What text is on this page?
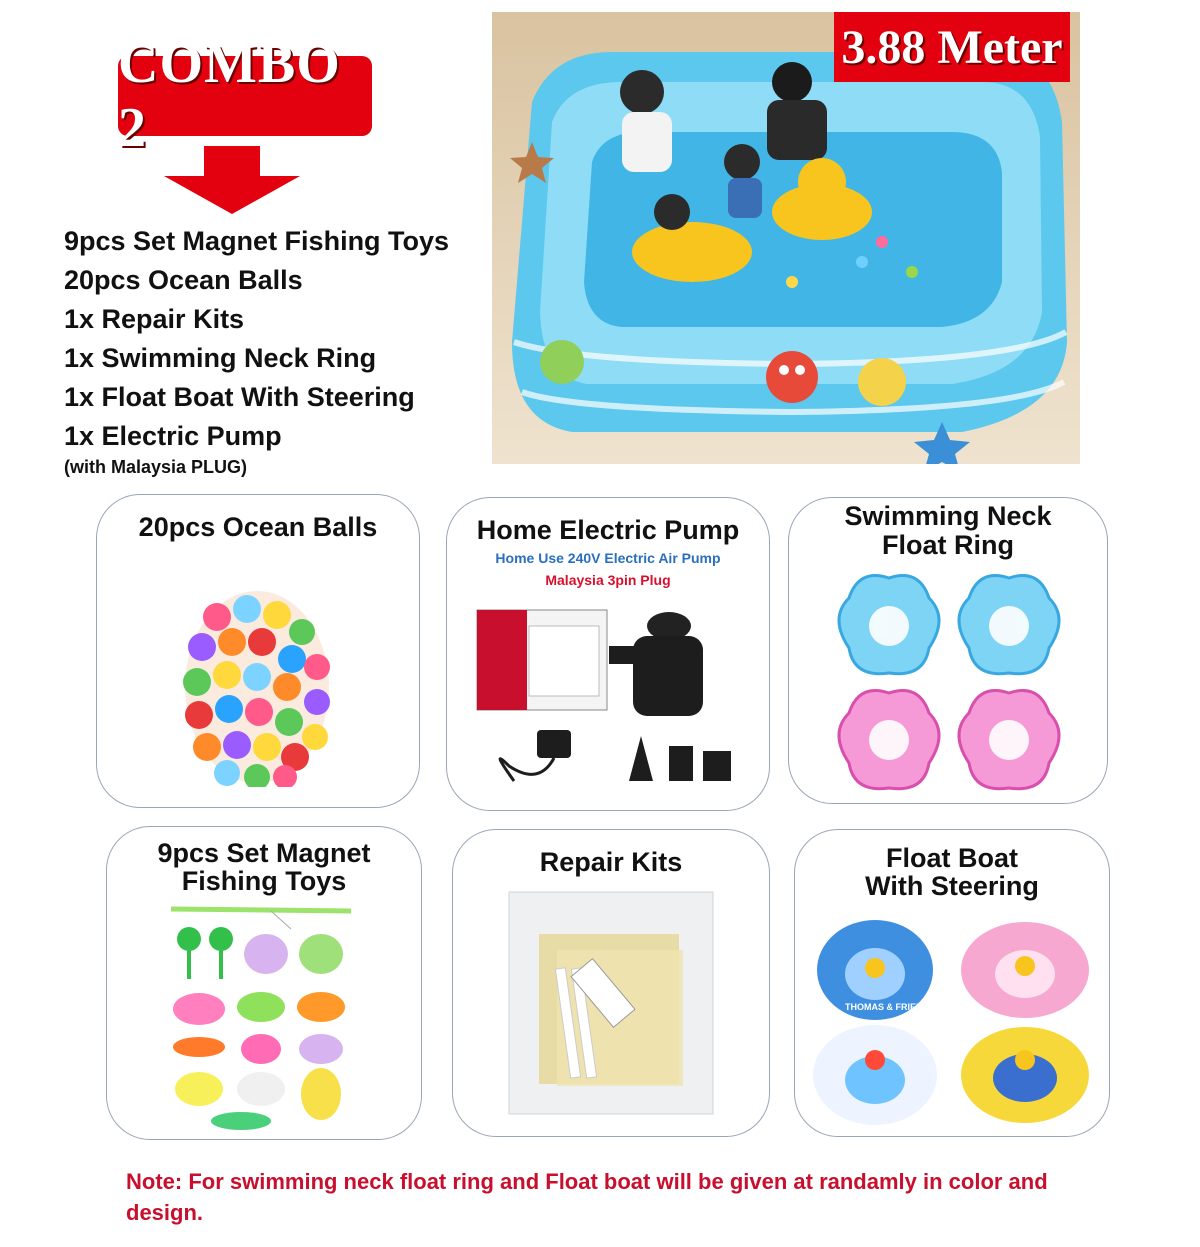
COMBO 2
9pcs Set Magnet Fishing Toys
20pcs Ocean Balls
1x Repair Kits
1x Swimming Neck Ring
1x Float Boat With Steering
1x Electric Pump
(with Malaysia PLUG)
3.88 Meter
20pcs Ocean Balls	Home Electric Pump
Home Use 240V Electric Air Pump
Malaysia 3pin Plug
Swimming Neck
Float Ring
9pcs Set Magnet
Fishing Toys
Repair Kits	Float Boat
With Steering
THOMAS & FRIENDS
Note: For swimming neck float ring and Float boat will be given at randamly in color and design.
